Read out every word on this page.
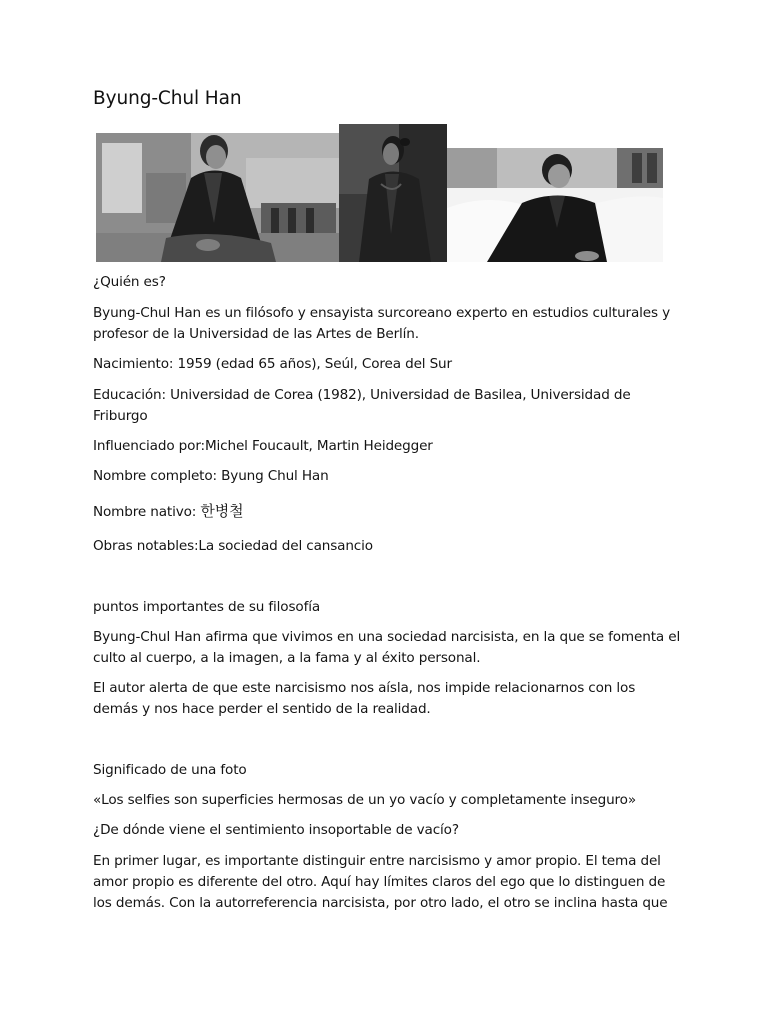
Byung-Chul Han

¿Quién es?

Byung-Chul Han es un filósofo y ensayista surcoreano experto en estudios culturales y

profesor de la Universidad de las Artes de Berlín.

Nacimiento: 1959 (edad 65 años), Seúl, Corea del Sur

Educación: Universidad de Corea (1982), Universidad de Basilea, Universidad de

Friburgo

Influenciado por:Michel Foucault, Martin Heidegger

Nombre completo: Byung Chul Han

Nombre nativo: 한병철

Obras notables:La sociedad del cansancio

puntos importantes de su filosofía

Byung-Chul Han afirma que vivimos en una sociedad narcisista, en la que se fomenta el

culto al cuerpo, a la imagen, a la fama y al éxito personal.

El autor alerta de que este narcisismo nos aísla, nos impide relacionarnos con los

demás y nos hace perder el sentido de la realidad.

Significado de una foto

«Los selfies son superficies hermosas de un yo vacío y completamente inseguro»

¿De dónde viene el sentimiento insoportable de vacío?

En primer lugar, es importante distinguir entre narcisismo y amor propio. El tema del

amor propio es diferente del otro. Aquí hay límites claros del ego que lo distinguen de

los demás. Con la autorreferencia narcisista, por otro lado, el otro se inclina hasta que
